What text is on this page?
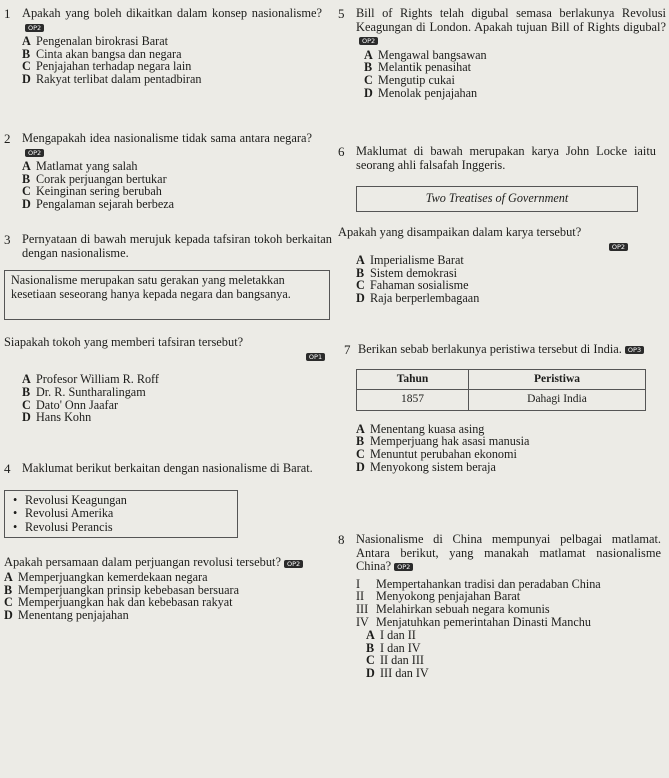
1 Apakah yang boleh dikaitkan dalam konsep nasionalisme?OP2
A Pengenalan birokrasi Barat
B Cinta akan bangsa dan negara
C Penjajahan terhadap negara lain
D Rakyat terlibat dalam pentadbiran
2 Mengapakah idea nasionalisme tidak sama antara negara?OP2
A Matlamat yang salah
B Corak perjuangan bertukar
C Keinginan sering berubah
D Pengalaman sejarah berbeza
3 Pernyataan di bawah merujuk kepada tafsiran tokoh berkaitan dengan nasionalisme.
Nasionalisme merupakan satu gerakan yang meletakkan kesetiaan seseorang hanya kepada negara dan bangsanya.
Siapakah tokoh yang memberi tafsiran tersebut?
OP1
A Profesor William R. Roff
B Dr. R. Suntharalingam
C Dato' Onn Jaafar
D Hans Kohn
4 Maklumat berikut berkaitan dengan nasionalisme di Barat.
• Revolusi Keagungan
• Revolusi Amerika
• Revolusi Perancis
Apakah persamaan dalam perjuangan revolusi tersebut? OP2
A Memperjuangkan kemerdekaan negara
B Memperjuangkan prinsip kebebasan bersuara
C Memperjuangkan hak dan kebebasan rakyat
D Menentang penjajahan
5 Bill of Rights telah digubal semasa berlakunya Revolusi Keagungan di London. Apakah tujuan Bill of Rights digubal?OP2
A Mengawal bangsawan
B Melantik penasihat
C Mengutip cukai
D Menolak penjajahan
6 Maklumat di bawah merupakan karya John Locke iaitu seorang ahli falsafah Inggeris.
Two Treatises of Government
Apakah yang disampaikan dalam karya tersebut?
OP2
A Imperialisme Barat
B Sistem demokrasi
C Fahaman sosialisme
D Raja berperlembagaan
7 Berikan sebab berlakunya peristiwa tersebut di India. OP3
Tahun	Peristiwa
1857	Dahagi India
A Menentang kuasa asing
B Memperjuang hak asasi manusia
C Menuntut perubahan ekonomi
D Menyokong sistem beraja
8 Nasionalisme di China mempunyai pelbagai matlamat. Antara berikut, yang manakah matlamat nasionalisme China? OP2
I	Mempertahankan tradisi dan peradaban China
II Menyokong penjajahan Barat
III Melahirkan sebuah negara komunis
IV Menjatuhkan pemerintahan Dinasti Manchu
A I dan II
B I dan IV
C II dan III
D III dan IV
